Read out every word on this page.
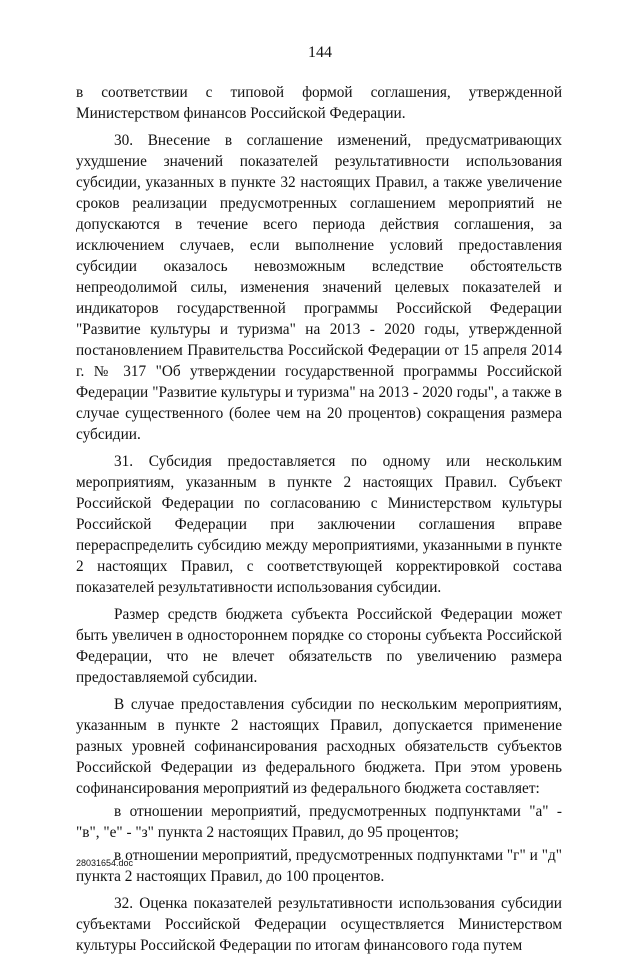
144

в соответствии с типовой формой соглашения, утвержденной Министерством финансов Российской Федерации.

30. Внесение в соглашение изменений, предусматривающих ухудшение значений показателей результативности использования субсидии, указанных в пункте 32 настоящих Правил, а также увеличение сроков реализации предусмотренных соглашением мероприятий не допускаются в течение всего периода действия соглашения, за исключением случаев, если выполнение условий предоставления субсидии оказалось невозможным вследствие обстоятельств непреодолимой силы, изменения значений целевых показателей и индикаторов государственной программы Российской Федерации "Развитие культуры и туризма" на 2013 - 2020 годы, утвержденной постановлением Правительства Российской Федерации от 15 апреля 2014 г. № 317 "Об утверждении государственной программы Российской Федерации "Развитие культуры и туризма" на 2013 - 2020 годы", а также в случае существенного (более чем на 20 процентов) сокращения размера субсидии.

31. Субсидия предоставляется по одному или нескольким мероприятиям, указанным в пункте 2 настоящих Правил. Субъект Российской Федерации по согласованию с Министерством культуры Российской Федерации при заключении соглашения вправе перераспределить субсидию между мероприятиями, указанными в пункте 2 настоящих Правил, с соответствующей корректировкой состава показателей результативности использования субсидии.

Размер средств бюджета субъекта Российской Федерации может быть увеличен в одностороннем порядке со стороны субъекта Российской Федерации, что не влечет обязательств по увеличению размера предоставляемой субсидии.

В случае предоставления субсидии по нескольким мероприятиям, указанным в пункте 2 настоящих Правил, допускается применение разных уровней софинансирования расходных обязательств субъектов Российской Федерации из федерального бюджета. При этом уровень софинансирования мероприятий из федерального бюджета составляет:

в отношении мероприятий, предусмотренных подпунктами "а" - "в", "е" - "з" пункта 2 настоящих Правил, до 95 процентов;

в отношении мероприятий, предусмотренных подпунктами "г" и "д" пункта 2 настоящих Правил, до 100 процентов.

32. Оценка показателей результативности использования субсидии субъектами Российской Федерации осуществляется Министерством культуры Российской Федерации по итогам финансового года путем

28031654.doc
